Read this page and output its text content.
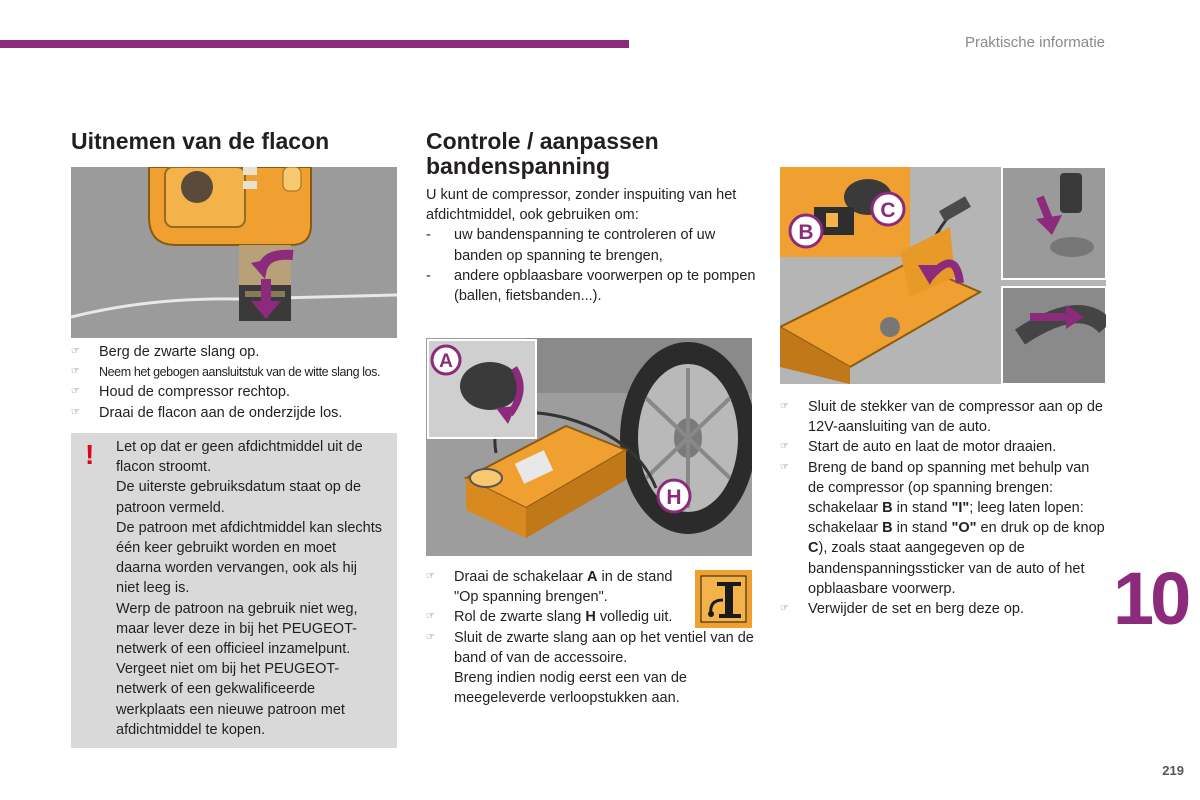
Praktische informatie
Uitnemen van de flacon
☞ Berg de zwarte slang op.
☞ Neem het gebogen aansluitstuk van de witte slang los.
☞ Houd de compressor rechtop.
☞ Draai de flacon aan de onderzijde los.
! Let op dat er geen afdichtmiddel uit de flacon stroomt.

De uiterste gebruiksdatum staat op de patroon vermeld.

De patroon met afdichtmiddel kan slechts één keer gebruikt worden en moet daarna worden vervangen, ook als hij niet leeg is.

Werp de patroon na gebruik niet weg, maar lever deze in bij het PEUGEOT-netwerk of een officieel inzamelpunt.

Vergeet niet om bij het PEUGEOT-netwerk of een gekwalificeerde werkplaats een nieuwe patroon met afdichtmiddel te kopen.

Controle / aanpassen
bandenspanning
U kunt de compressor, zonder inspuiting van het afdichtmiddel, ook gebruiken om:
- uw bandenspanning te controleren of uw banden op spanning te brengen,
- andere opblaasbare voorwerpen op te pompen (ballen, fietsbanden...).
A
H
☞ Draai de schakelaar A in de stand "Op spanning brengen".
☞ Rol de zwarte slang H volledig uit.
☞ Sluit de zwarte slang aan op het ventiel van de band of van de accessoire.
Breng indien nodig eerst een van de meegeleverde verloopstukken aan.
B
C
☞ Sluit de stekker van de compressor aan op de 12V-aansluiting van de auto.
☞ Start de auto en laat de motor draaien.
☞ Breng de band op spanning met behulp van de compressor (op spanning brengen: schakelaar B in stand "I"; leeg laten lopen: schakelaar B in stand "O" en druk op de knop C), zoals staat aangegeven op de bandenspanningssticker van de auto of het opblaasbare voorwerp.
☞ Verwijder de set en berg deze op.	10
219
